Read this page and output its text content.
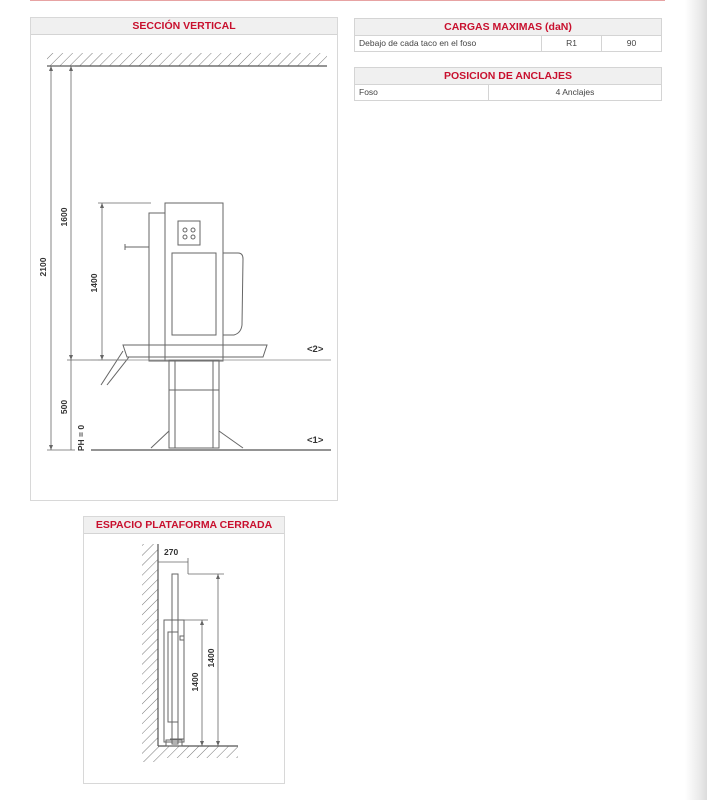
SECCIÓN VERTICAL
2100
1600
1400
500
PH = 0
<2>
<1>
CARGAS MAXIMAS (daN)
Debajo de cada taco en el foso	R1	90
POSICION DE ANCLAJES
Foso	4 Anclajes
ESPACIO PLATAFORMA CERRADA
270
1400
1400
